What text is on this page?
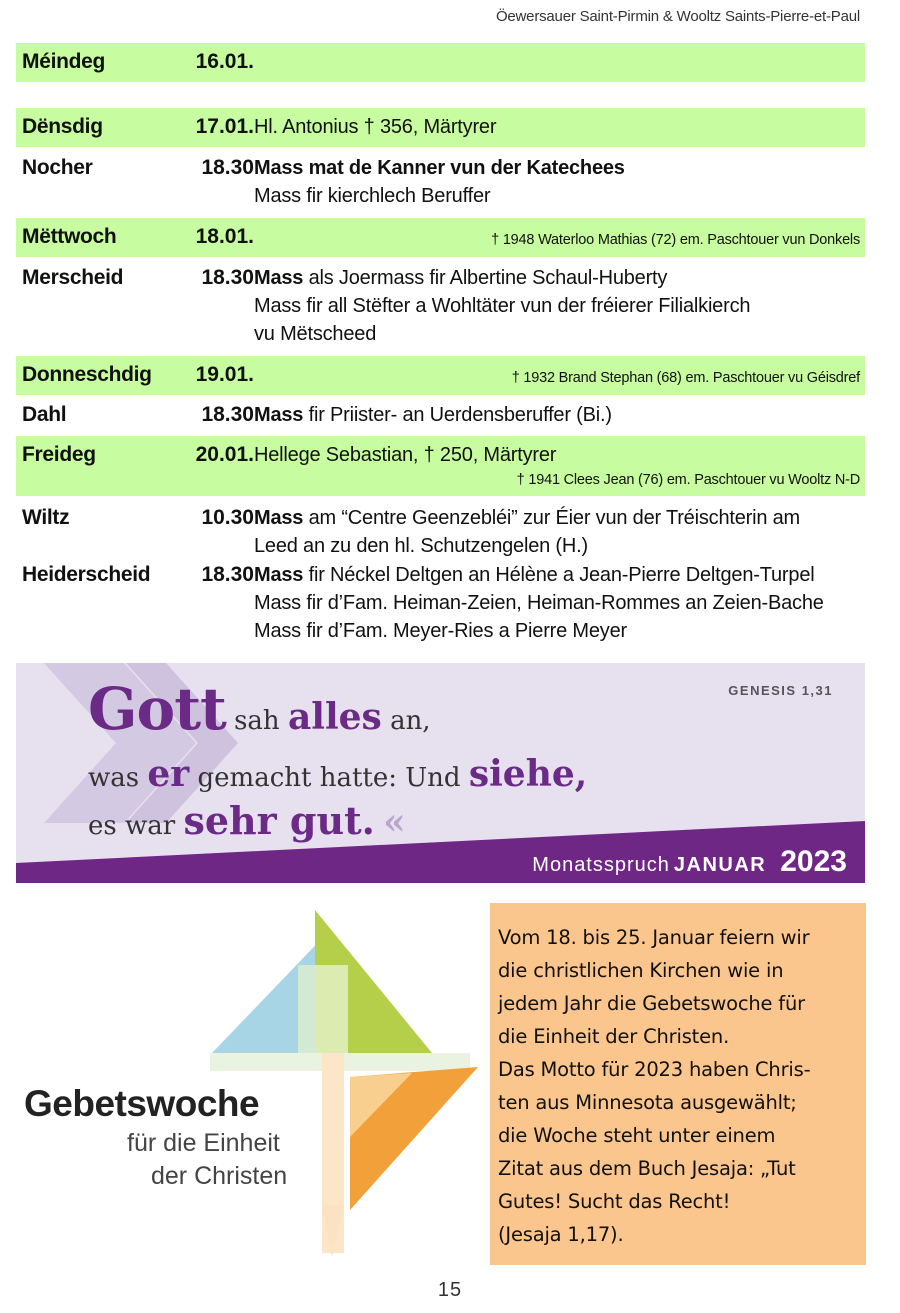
Öewersauer Saint-Pirmin & Wooltz Saints-Pierre-et-Paul
Méindeg	16.01.
Dënsdig	17.01. Hl. Antonius † 356, Märtyrer
Nocher	18.30 Mass mat de Kanner vun der Katechees
Mass fir kierchlech Beruffer
Mëttwoch	18.01.	† 1948 Waterloo Mathias (72) em. Paschtouer vun Donkels
Merscheid	18.30 Mass als Joermass fir Albertine Schaul-Huberty
Mass fir all Stëfter a Wohltäter vun der fréierer Filialkierch
vu Mëtscheed
Donneschdig	19.01.	† 1932 Brand Stephan (68) em. Paschtouer vu Géisdref
Dahl	18.30 Mass fir Priister- an Uerdensberuffer (Bi.)
Freideg	20.01. Hellege Sebastian, † 250, Märtyrer
† 1941 Clees Jean (76) em. Paschtouer vu Wooltz N-D
Wiltz	10.30 Mass am “Centre Geenzebléi” zur Éier vun der Tréischterin am
Leed an zu den hl. Schutzengelen (H.)
Heiderscheid	18.30 Mass fir Néckel Deltgen an Hélène a Jean-Pierre Deltgen-Turpel
Mass fir d’Fam. Heiman-Zeien, Heiman-Rommes an Zeien-Bache
Mass fir d’Fam. Meyer-Ries a Pierre Meyer
GENESIS 1,31
Gott sah alles an,
was er gemacht hatte: Und siehe,
es war sehr gut. «
Monatsspruch JANUAR 2023
Gebetswoche
für die Einheit
der Christen

Vom 18. bis 25. Januar feiern wir

die christlichen Kirchen wie in

jedem Jahr die Gebetswoche für

die Einheit der Christen.

Das Motto für 2023 haben Chris-

ten aus Minnesota ausgewählt;

die Woche steht unter einem

Zitat aus dem Buch Jesaja: „Tut

Gutes! Sucht das Recht!

(Jesaja 1,17).

15
